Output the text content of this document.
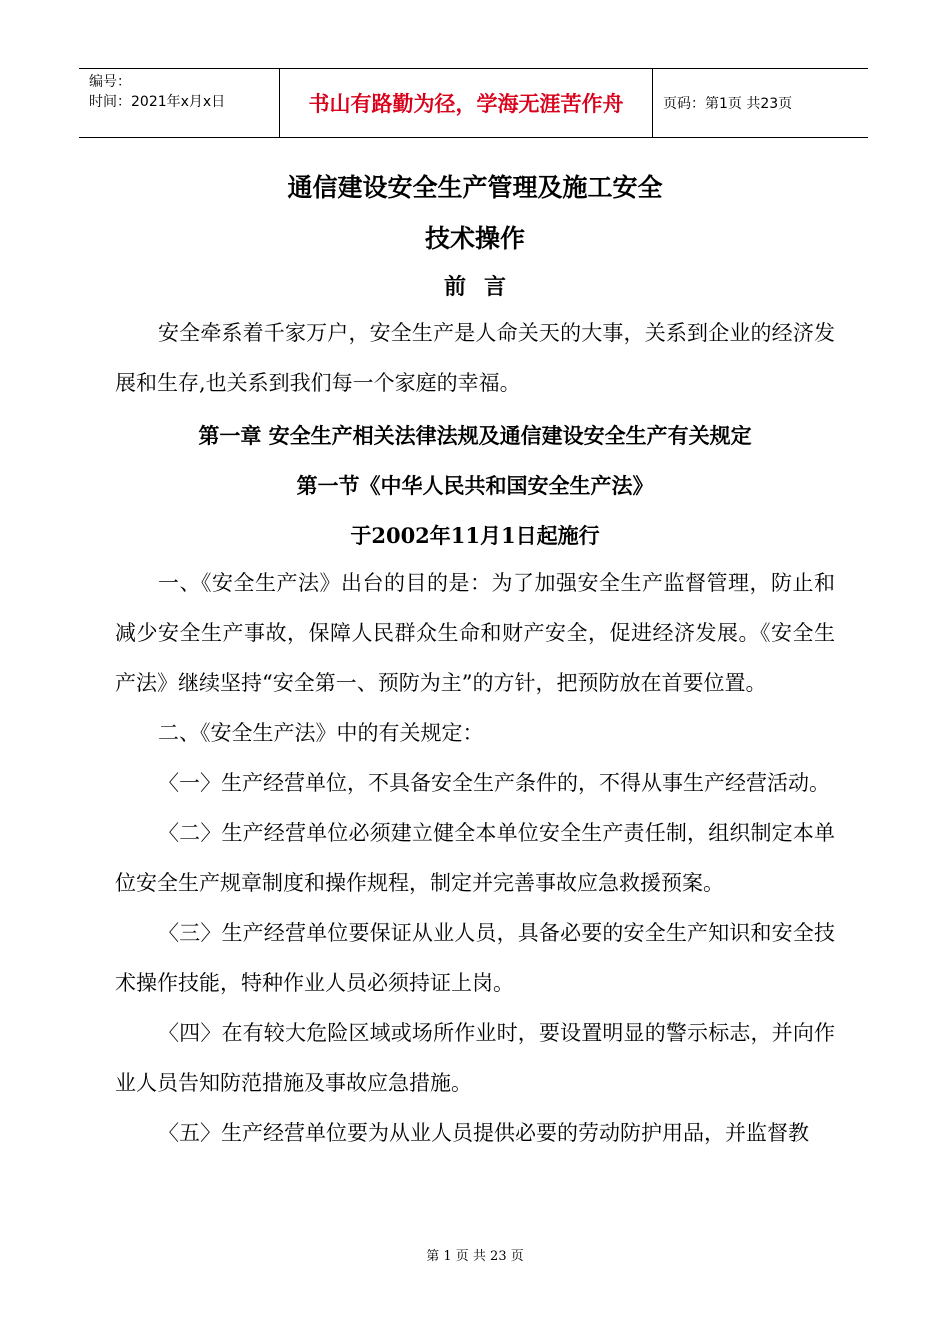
编号：
时间：2021年x月x日	书山有路勤为径，学海无涯苦作舟	页码：第1页 共23页
通信建设安全生产管理及施工安全
技术操作
前言

安全牵系着千家万户，安全生产是人命关天的大事，关系到企业的经济发展和生存,也关系到我们每一个家庭的幸福。

第一章 安全生产相关法律法规及通信建设安全生产有关规定
第一节《中华人民共和国安全生产法》
于2002年11月1日起施行

一、《安全生产法》出台的目的是：为了加强安全生产监督管理，防止和减少安全生产事故，保障人民群众生命和财产安全，促进经济发展。《安全生产法》继续坚持“安全第一、预防为主”的方针，把预防放在首要位置。

二、《安全生产法》中的有关规定：

〈一〉生产经营单位，不具备安全生产条件的，不得从事生产经营活动。

〈二〉生产经营单位必须建立健全本单位安全生产责任制，组织制定本单位安全生产规章制度和操作规程，制定并完善事故应急救援预案。

〈三〉生产经营单位要保证从业人员，具备必要的安全生产知识和安全技术操作技能，特种作业人员必须持证上岗。

〈四〉在有较大危险区域或场所作业时，要设置明显的警示标志，并向作业人员告知防范措施及事故应急措施。

〈五〉生产经营单位要为从业人员提供必要的劳动防护用品，并监督教

第 1 页 共 23 页
